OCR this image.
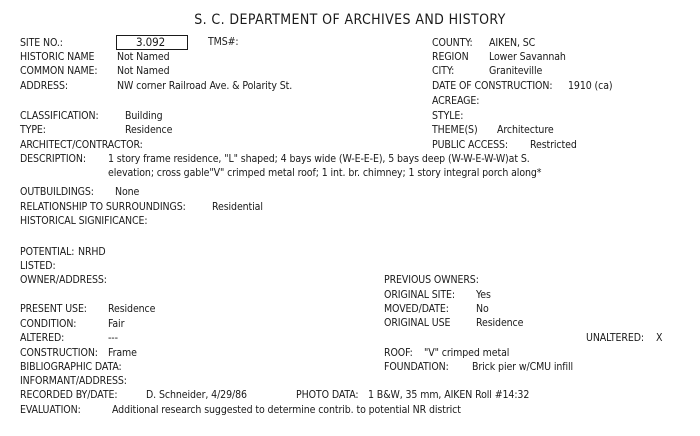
S. C. DEPARTMENT OF ARCHIVES AND HISTORY
SITE NO.:	3.092	TMS#:
HISTORIC NAME Not Named
COMMON NAME: Not Named
ADDRESS:	NW corner Railroad Ave. & Polarity St.
CLASSIFICATION:	Building
TYPE:	Residence
ARCHITECT/CONTRACTOR:
DESCRIPTION: 1 story frame residence, "L" shaped; 4 bays wide (W-E-E-E), 5 bays deep (W-W-E-W-W)at S.
elevation; cross gable"V" crimped metal roof; 1 int. br. chimney; 1 story integral porch along*
OUTBUILDINGS: None
RELATIONSHIP TO SURROUNDINGS:	Residential
HISTORICAL SIGNIFICANCE:
POTENTIAL: NRHD
LISTED:
OWNER/ADDRESS:
PRESENT USE: Residence
CONDITION:	Fair
ALTERED:	---
CONSTRUCTION: Frame
BIBLIOGRAPHIC DATA:
INFORMANT/ADDRESS:
RECORDED BY/DATE:	D. Schneider, 4/29/86	PHOTO DATA: 1 B&W, 35 mm, AIKEN Roll #14:32
EVALUATION:	Additional research suggested to determine contrib. to potential NR district
COUNTY: AIKEN, SC
REGION Lower Savannah
CITY:	Graniteville
DATE OF CONSTRUCTION: 1910 (ca)
ACREAGE:
STYLE:
THEME(S) Architecture
PUBLIC ACCESS: Restricted
PREVIOUS OWNERS:
ORIGINAL SITE: Yes
MOVED/DATE:	No
ORIGINAL USE Residence
UNALTERED: X
ROOF: "V" crimped metal
FOUNDATION: Brick pier w/CMU infill
